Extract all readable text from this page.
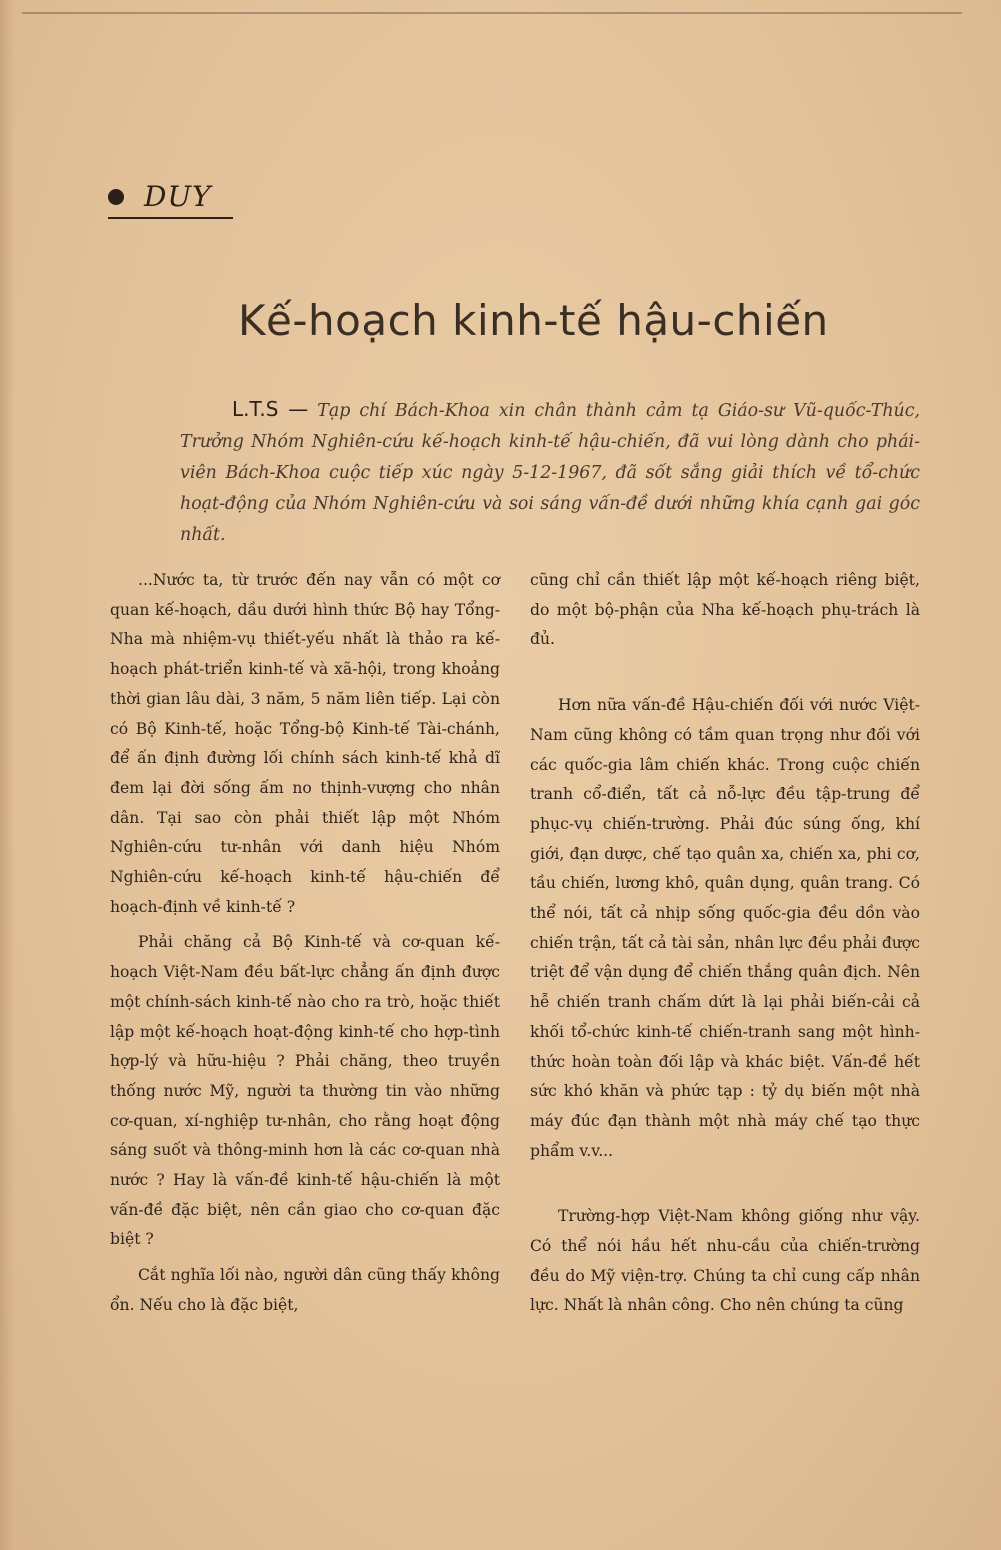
DUY
Kế-hoạch kinh-tế hậu-chiến
L.T.S — Tạp chí Bách-Khoa xin chân thành cảm tạ Giáo-sư Vũ-quốc-Thúc, Trưởng Nhóm Nghiên-cứu kế-hoạch kinh-tế hậu-chiến, đã vui lòng dành cho phái-viên Bách-Khoa cuộc tiếp xúc ngày 5-12-1967, đã sốt sắng giải thích về tổ-chức hoạt-động của Nhóm Nghiên-cứu và soi sáng vấn-đề dưới những khía cạnh gai góc nhất.

...Nước ta, từ trước đến nay vẫn có một cơ quan kế-hoạch, dầu dưới hình thức Bộ hay Tổng-Nha mà nhiệm-vụ thiết-yếu nhất là thảo ra kế-hoạch phát-triển kinh-tế và xã-hội, trong khoảng thời gian lâu dài, 3 năm, 5 năm liên tiếp. Lại còn có Bộ Kinh-tế, hoặc Tổng-bộ Kinh-tế Tài-chánh, để ấn định đường lối chính sách kinh-tế khả dĩ đem lại đời sống ấm no thịnh-vượng cho nhân dân. Tại sao còn phải thiết lập một Nhóm Nghiên-cứu tư-nhân với danh hiệu Nhóm Nghiên-cứu kế-hoạch kinh-tế hậu-chiến để hoạch-định về kinh-tế ?

Phải chăng cả Bộ Kinh-tế và cơ-quan kế-hoạch Việt-Nam đều bất-lực chẳng ấn định được một chính-sách kinh-tế nào cho ra trò, hoặc thiết lập một kế-hoạch hoạt-động kinh-tế cho hợp-tình hợp-lý và hữu-hiệu ? Phải chăng, theo truyền thống nước Mỹ, người ta thường tin vào những cơ-quan, xí-nghiệp tư-nhân, cho rằng hoạt động sáng suốt và thông-minh hơn là các cơ-quan nhà nước ? Hay là vấn-đề kinh-tế hậu-chiến là một vấn-đề đặc biệt, nên cần giao cho cơ-quan đặc biệt ?

Cắt nghĩa lối nào, người dân cũng thấy không ổn. Nếu cho là đặc biệt,

cũng chỉ cần thiết lập một kế-hoạch riêng biệt, do một bộ-phận của Nha kế-hoạch phụ-trách là đủ.

Hơn nữa vấn-đề Hậu-chiến đối với nước Việt-Nam cũng không có tầm quan trọng như đối với các quốc-gia lâm chiến khác. Trong cuộc chiến tranh cổ-điển, tất cả nỗ-lực đều tập-trung để phục-vụ chiến-trường. Phải đúc súng ống, khí giới, đạn dược, chế tạo quân xa, chiến xa, phi cơ, tầu chiến, lương khô, quân dụng, quân trang. Có thể nói, tất cả nhịp sống quốc-gia đều dồn vào chiến trận, tất cả tài sản, nhân lực đều phải được triệt để vận dụng để chiến thắng quân địch. Nên hễ chiến tranh chấm dứt là lại phải biến-cải cả khối tổ-chức kinh-tế chiến-tranh sang một hình-thức hoàn toàn đối lập và khác biệt. Vấn-đề hết sức khó khăn và phức tạp : tỷ dụ biến một nhà máy đúc đạn thành một nhà máy chế tạo thực phẩm v.v...

Trường-hợp Việt-Nam không giống như vậy. Có thể nói hầu hết nhu-cầu của chiến-trường đều do Mỹ viện-trợ. Chúng ta chỉ cung cấp nhân lực. Nhất là nhân công. Cho nên chúng ta cũng
